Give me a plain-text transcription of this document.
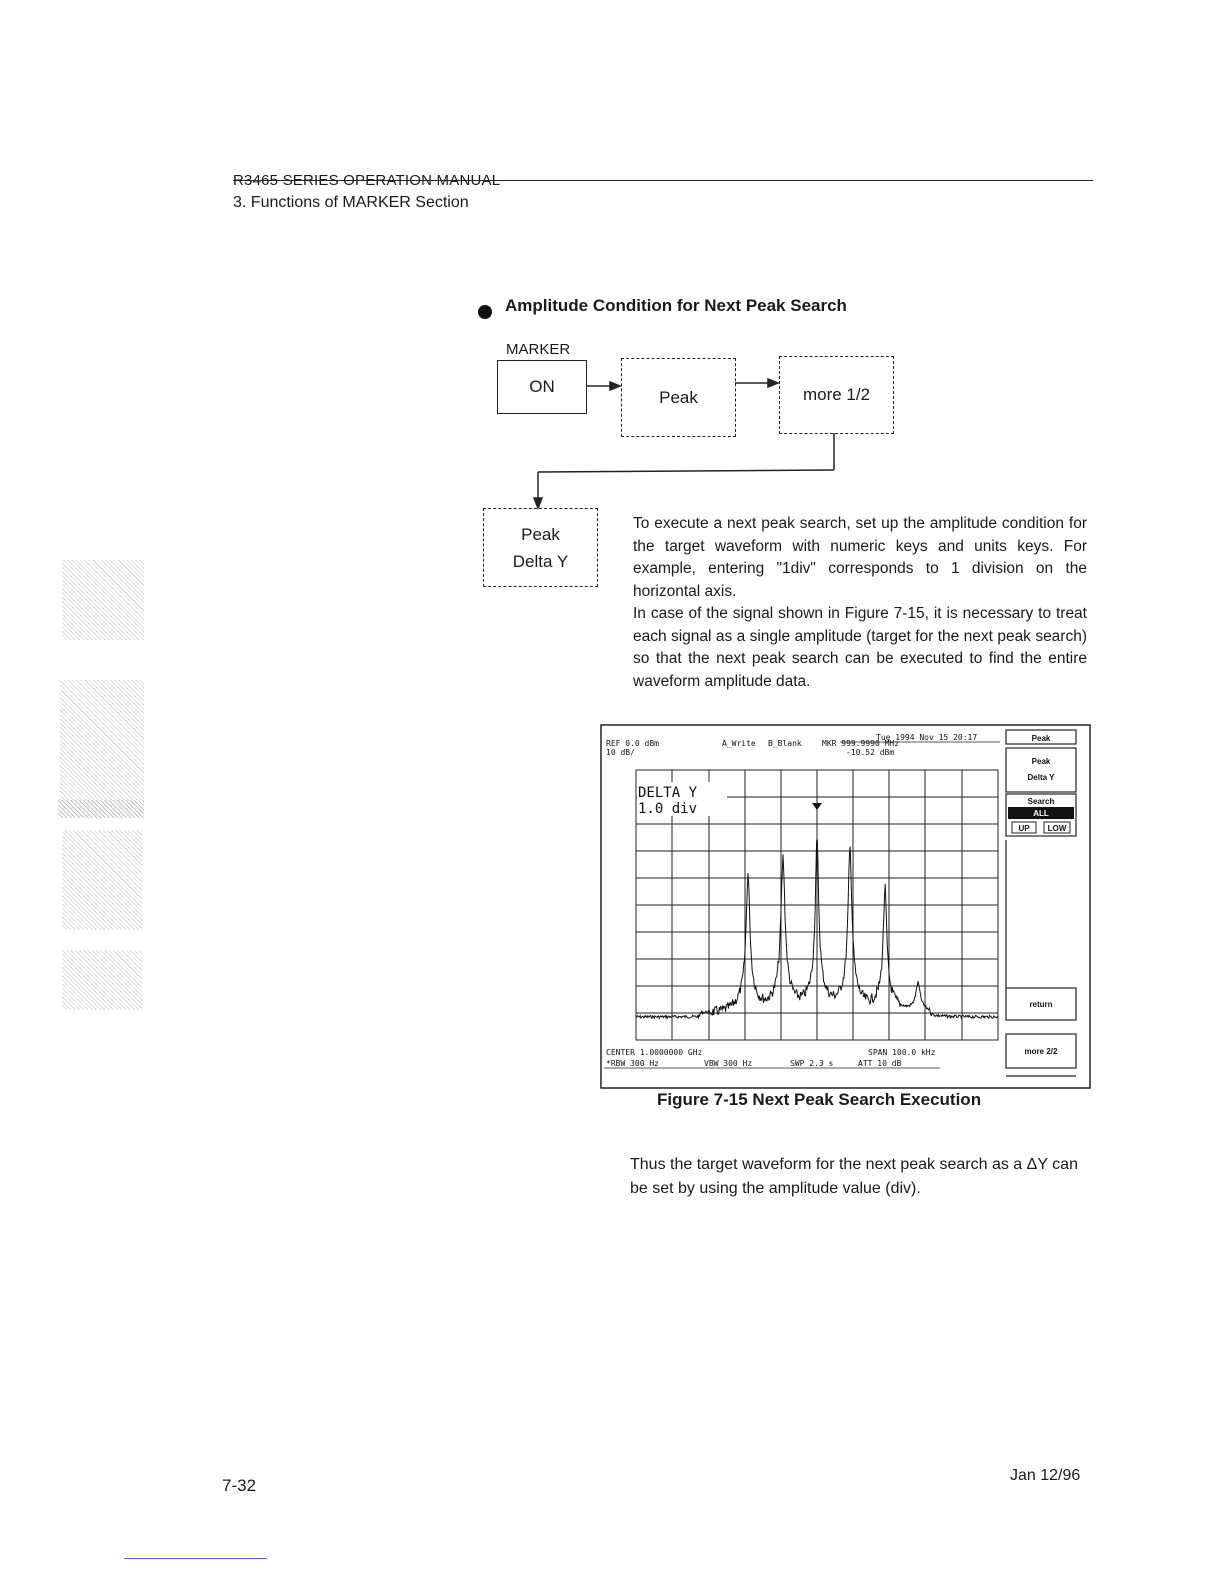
R3465 SERIES OPERATION MANUAL
3. Functions of MARKER Section
Amplitude Condition for Next Peak Search
MARKER
ON
Peak	more 1/2
Peak
Delta Y

To execute a next peak search, set up the amplitude condition for the target waveform with numeric keys and units keys. For example, entering "1div" corresponds to 1 division on the horizontal axis.

In case of the signal shown in Figure 7-15, it is necessary to treat each signal as a single amplitude (target for the next peak search) so that the next peak search can be executed to find the entire waveform amplitude data.

Tue 1994 Nov 15 20:17
REF 0.0 dBm
10 dB/
A_Write B_Blank	MKR 999.9990 MHz
-10.52 dBm
DELTA Y
1.0 div
CENTER 1.0000000 GHz	SPAN 100.0 kHz
*RBW 300 Hz	VBW 300 Hz	SWP 2.3 s	ATT 10 dB
Peak
Peak
Delta Y
Search
ALL
UP LOW
return
more 2/2
Figure 7-15 Next Peak Search Execution
Thus the target waveform for the next peak search as a ΔY can be set by using the amplitude value (div).
7-32
Jan 12/96
